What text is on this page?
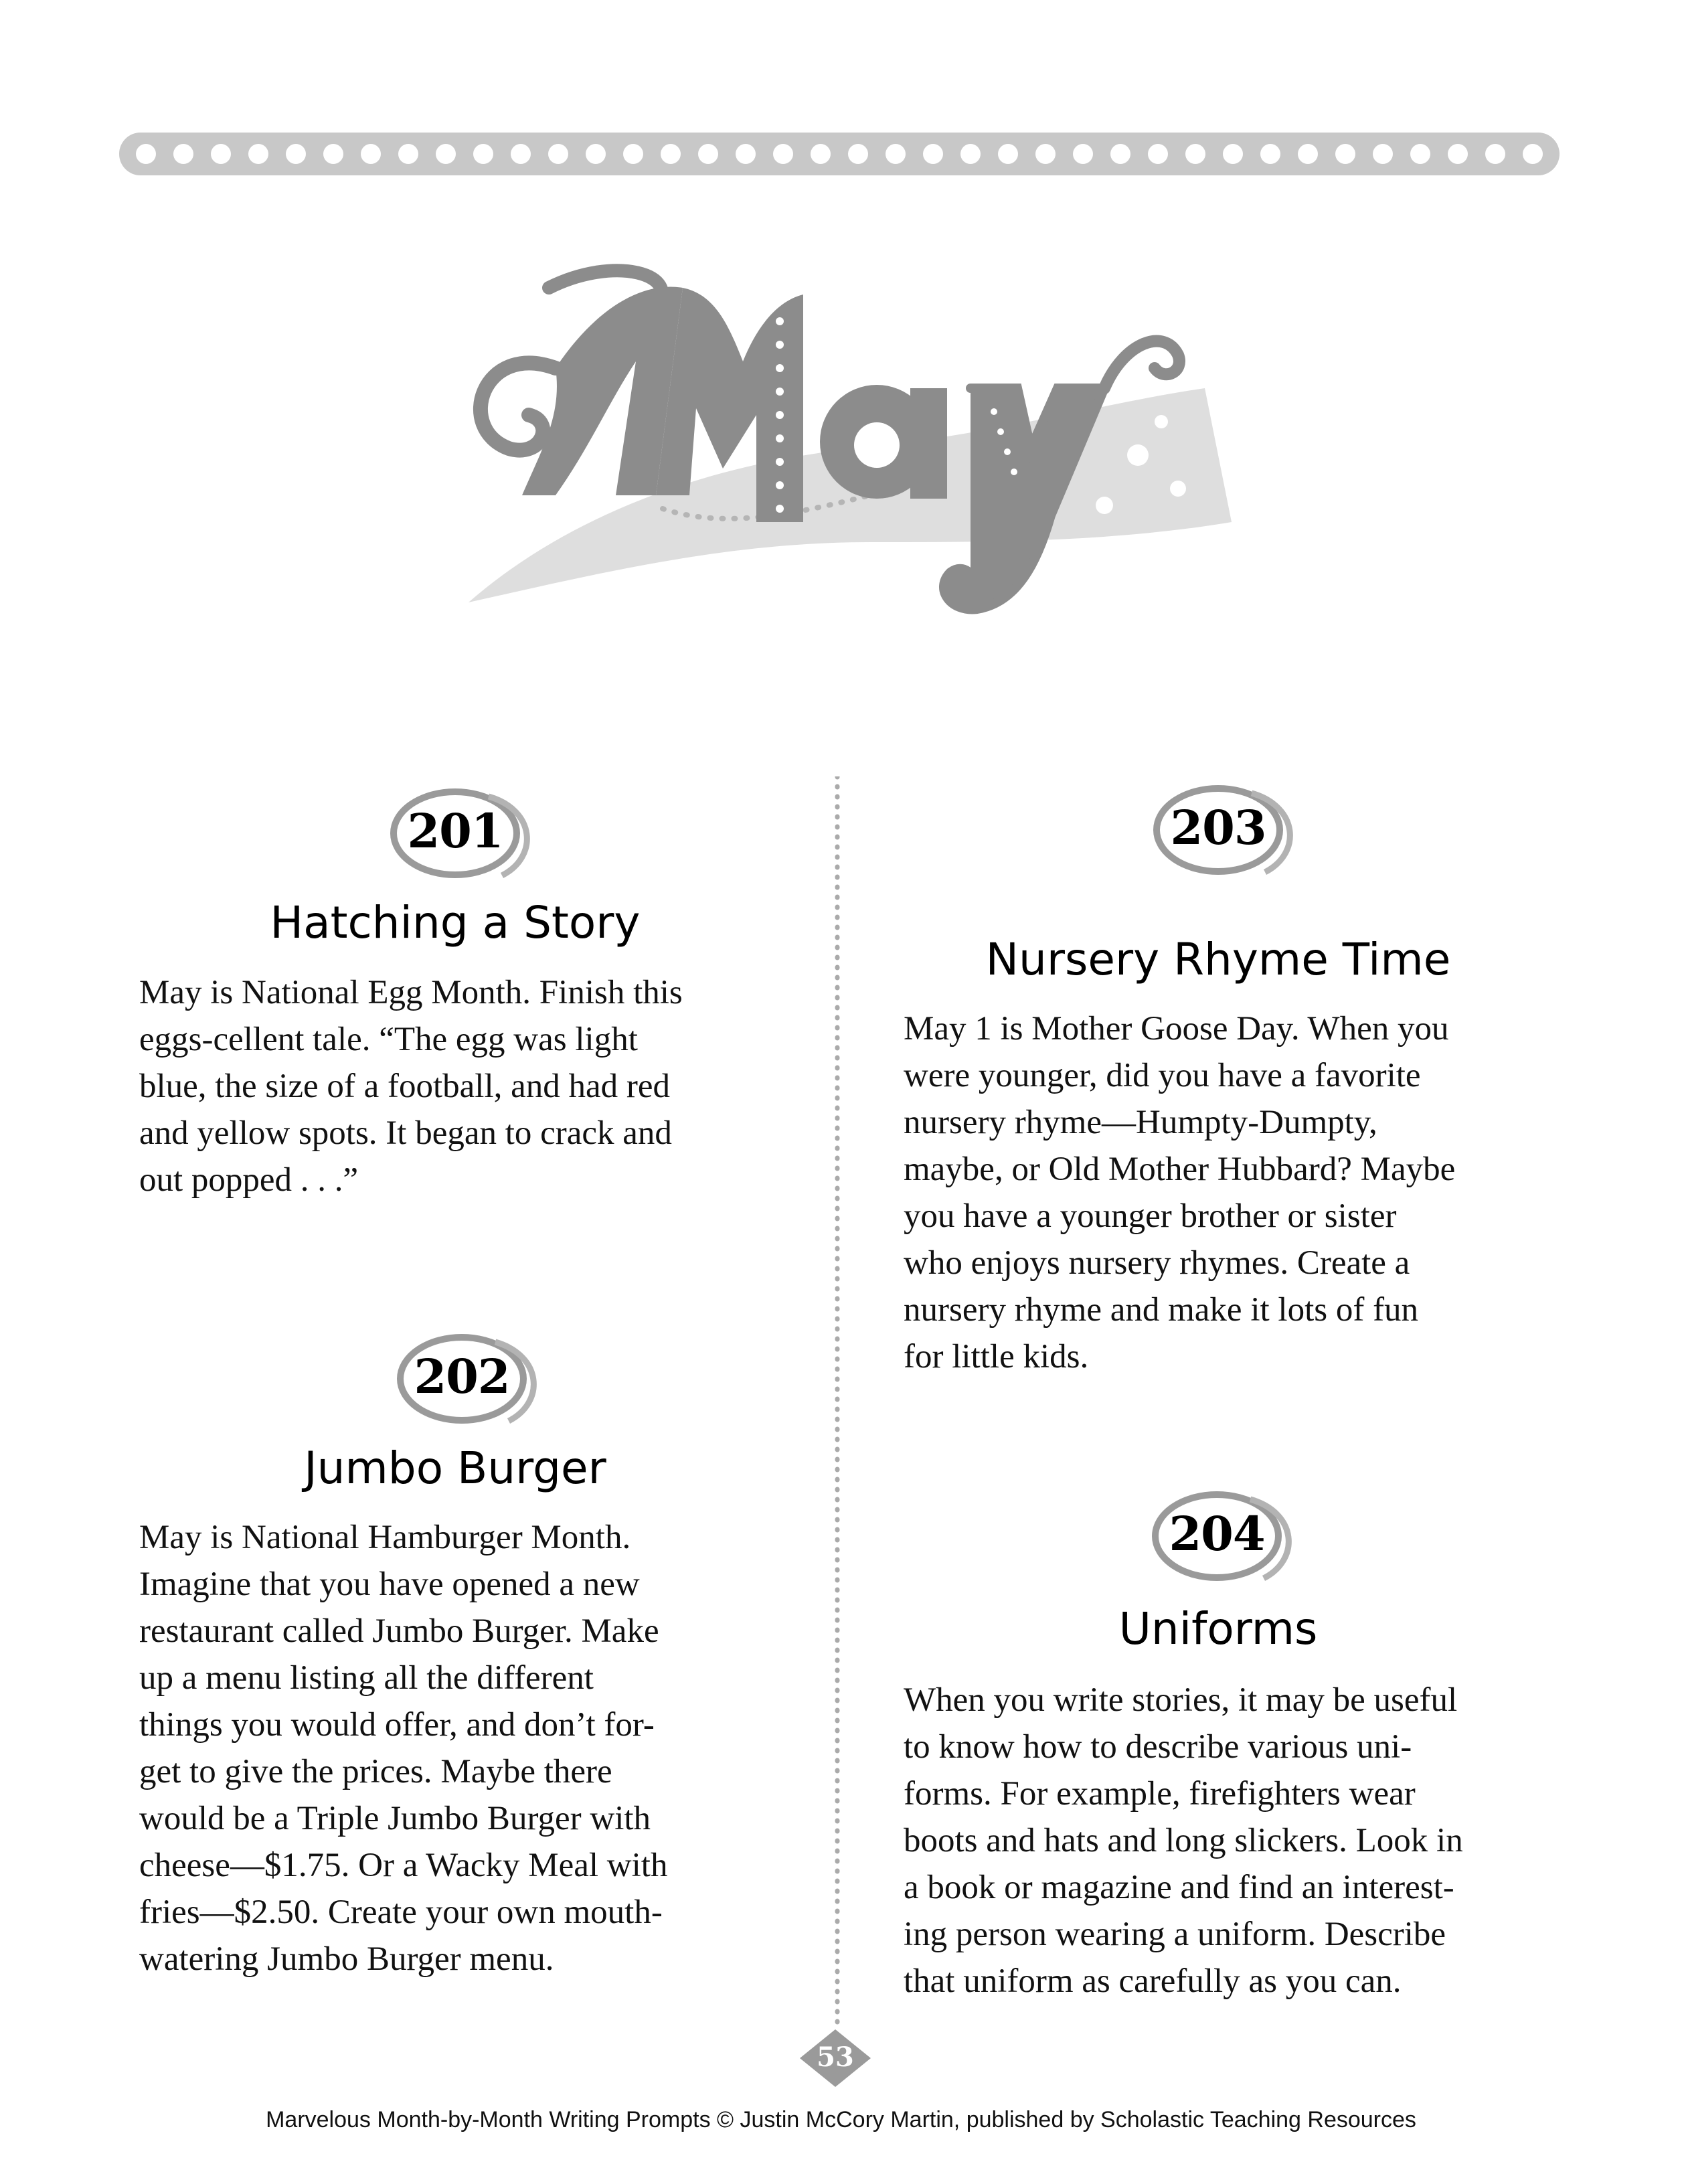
201
Hatching a Story
May is National Egg Month. Finish this
eggs-cellent tale. “The egg was light
blue, the size of a football, and had red
and yellow spots. It began to crack and
out popped . . .”
202
Jumbo Burger
May is National Hamburger Month.
Imagine that you have opened a new
restaurant called Jumbo Burger. Make
up a menu listing all the different
things you would offer, and don’t for-
get to give the prices. Maybe there
would be a Triple Jumbo Burger with
cheese—$1.75. Or a Wacky Meal with
fries—$2.50. Create your own mouth-
watering Jumbo Burger menu.
203
Nursery Rhyme Time
May 1 is Mother Goose Day. When you
were younger, did you have a favorite
nursery rhyme—Humpty-Dumpty,
maybe, or Old Mother Hubbard? Maybe
you have a younger brother or sister
who enjoys nursery rhymes. Create a
nursery rhyme and make it lots of fun
for little kids.
204
Uniforms
When you write stories, it may be useful
to know how to describe various uni-
forms. For example, firefighters wear
boots and hats and long slickers. Look in
a book or magazine and find an interest-
ing person wearing a uniform. Describe
that uniform as carefully as you can.
53
Marvelous Month-by-Month Writing Prompts © Justin McCory Martin, published by Scholastic Teaching Resources
